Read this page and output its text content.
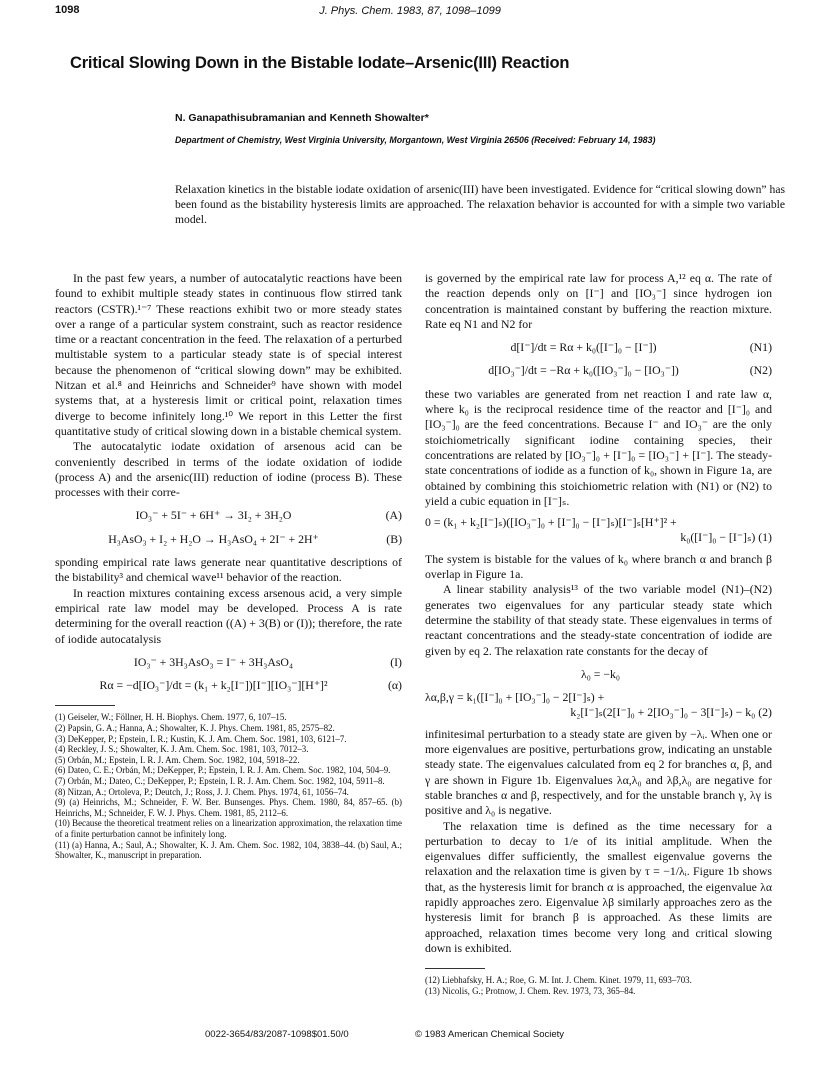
1098	J. Phys. Chem. 1983, 87, 1098–1099
Critical Slowing Down in the Bistable Iodate–Arsenic(III) Reaction
N. Ganapathisubramanian and Kenneth Showalter*
Department of Chemistry, West Virginia University, Morgantown, West Virginia 26506 (Received: February 14, 1983)
Relaxation kinetics in the bistable iodate oxidation of arsenic(III) have been investigated. Evidence for “critical slowing down” has been found as the bistability hysteresis limits are approached. The relaxation behavior is accounted for with a simple two variable model.

In the past few years, a number of autocatalytic reactions have been found to exhibit multiple steady states in continuous flow stirred tank reactors (CSTR).¹⁻⁷ These reactions exhibit two or more steady states over a range of a particular system constraint, such as reactor residence time or a reactant concentration in the feed. The relaxation of a perturbed multistable system to a particular steady state is of special interest because the phenomenon of “critical slowing down” may be exhibited. Nitzan et al.⁸ and Heinrichs and Schneider⁹ have shown with model systems that, at a hysteresis limit or critical point, relaxation times diverge to become infinitely long.¹⁰ We report in this Letter the first quantitative study of critical slowing down in a bistable chemical system.

The autocatalytic iodate oxidation of arsenous acid can be conveniently described in terms of the iodate oxidation of iodide (process A) and the arsenic(III) reduction of iodine (process B). These processes with their corre-

IO₃⁻ + 5I⁻ + 6H⁺ → 3I₂ + 3H₂O	(A)
H₃AsO₃ + I₂ + H₂O → H₃AsO₄ + 2I⁻ + 2H⁺	(B)

sponding empirical rate laws generate near quantitative descriptions of the bistability³ and chemical wave¹¹ behavior of the reaction.

In reaction mixtures containing excess arsenous acid, a very simple empirical rate law model may be developed. Process A is rate determining for the overall reaction ((A) + 3(B) or (I)); therefore, the rate of iodide autocatalysis

IO₃⁻ + 3H₃AsO₃ = I⁻ + 3H₃AsO₄	(I)
Rα = −d[IO₃⁻]/dt = (k₁ + k₂[I⁻])[I⁻][IO₃⁻][H⁺]²	(α)
(1) Geiseler, W.; Föllner, H. H. Biophys. Chem. 1977, 6, 107–15.
(2) Papsin, G. A.; Hanna, A.; Showalter, K. J. Phys. Chem. 1981, 85, 2575–82.
(3) DeKepper, P.; Epstein, I. R.; Kustin, K. J. Am. Chem. Soc. 1981, 103, 6121–7.
(4) Reckley, J. S.; Showalter, K. J. Am. Chem. Soc. 1981, 103, 7012–3.
(5) Orbán, M.; Epstein, I. R. J. Am. Chem. Soc. 1982, 104, 5918–22.
(6) Dateo, C. E.; Orbán, M.; DeKepper, P.; Epstein, I. R. J. Am. Chem. Soc. 1982, 104, 504–9.
(7) Orbán, M.; Dateo, C.; DeKepper, P.; Epstein, I. R. J. Am. Chem. Soc. 1982, 104, 5911–8.
(8) Nitzan, A.; Ortoleva, P.; Deutch, J.; Ross, J. J. Chem. Phys. 1974, 61, 1056–74.
(9) (a) Heinrichs, M.; Schneider, F. W. Ber. Bunsenges. Phys. Chem. 1980, 84, 857–65. (b) Heinrichs, M.; Schneider, F. W. J. Phys. Chem. 1981, 85, 2112–6.
(10) Because the theoretical treatment relies on a linearization approximation, the relaxation time of a finite perturbation cannot be infinitely long.
(11) (a) Hanna, A.; Saul, A.; Showalter, K. J. Am. Chem. Soc. 1982, 104, 3838–44. (b) Saul, A.; Showalter, K., manuscript in preparation.

is governed by the empirical rate law for process A,¹² eq α. The rate of the reaction depends only on [I⁻] and [IO₃⁻] since hydrogen ion concentration is maintained constant by buffering the reaction mixture. Rate eq N1 and N2 for

d[I⁻]/dt = Rα + k₀([I⁻]₀ − [I⁻])	(N1)
d[IO₃⁻]/dt = −Rα + k₀([IO₃⁻]₀ − [IO₃⁻])	(N2)

these two variables are generated from net reaction I and rate law α, where k₀ is the reciprocal residence time of the reactor and [I⁻]₀ and [IO₃⁻]₀ are the feed concentrations. Because I⁻ and IO₃⁻ are the only stoichiometrically significant iodine containing species, their concentrations are related by [IO₃⁻]₀ + [I⁻]₀ = [IO₃⁻] + [I⁻]. The steady-state concentrations of iodide as a function of k₀, shown in Figure 1a, are obtained by combining this stoichiometric relation with (N1) or (N2) to yield a cubic equation in [I⁻]ₛ.

0 = (k₁ + k₂[I⁻]ₛ)([IO₃⁻]₀ + [I⁻]₀ − [I⁻]ₛ)[I⁻]ₛ[H⁺]² +
k₀([I⁻]₀ − [I⁻]ₛ) (1)

The system is bistable for the values of k₀ where branch α and branch β overlap in Figure 1a.

A linear stability analysis¹³ of the two variable model (N1)–(N2) generates two eigenvalues for any particular steady state which determine the stability of that steady state. These eigenvalues in terms of reactant concentrations and the steady-state concentration of iodide are given by eq 2. The relaxation rate constants for the decay of

λ₀ = −k₀
λα,β,γ = k₁([I⁻]₀ + [IO₃⁻]₀ − 2[I⁻]ₛ) +
k₂[I⁻]ₛ(2[I⁻]₀ + 2[IO₃⁻]₀ − 3[I⁻]ₛ) − k₀ (2)

infinitesimal perturbation to a steady state are given by −λᵢ. When one or more eigenvalues are positive, perturbations grow, indicating an unstable steady state. The eigenvalues calculated from eq 2 for branches α, β, and γ are shown in Figure 1b. Eigenvalues λα,λ₀ and λβ,λ₀ are negative for stable branches α and β, respectively, and for the unstable branch γ, λγ is positive and λ₀ is negative.

The relaxation time is defined as the time necessary for a perturbation to decay to 1/e of its initial amplitude. When the eigenvalues differ sufficiently, the smallest eigenvalue governs the relaxation and the relaxation time is given by τ = −1/λᵢ. Figure 1b shows that, as the hysteresis limit for branch α is approached, the eigenvalue λα rapidly approaches zero. Eigenvalue λβ similarly approaches zero as the hysteresis limit for branch β is approached. As these limits are approached, relaxation times become very long and critical slowing down is exhibited.

(12) Liebhafsky, H. A.; Roe, G. M. Int. J. Chem. Kinet. 1979, 11, 693–703.
(13) Nicolis, G.; Protnow, J. Chem. Rev. 1973, 73, 365–84.
0022-3654/83/2087-1098$01.50/0	© 1983 American Chemical Society
